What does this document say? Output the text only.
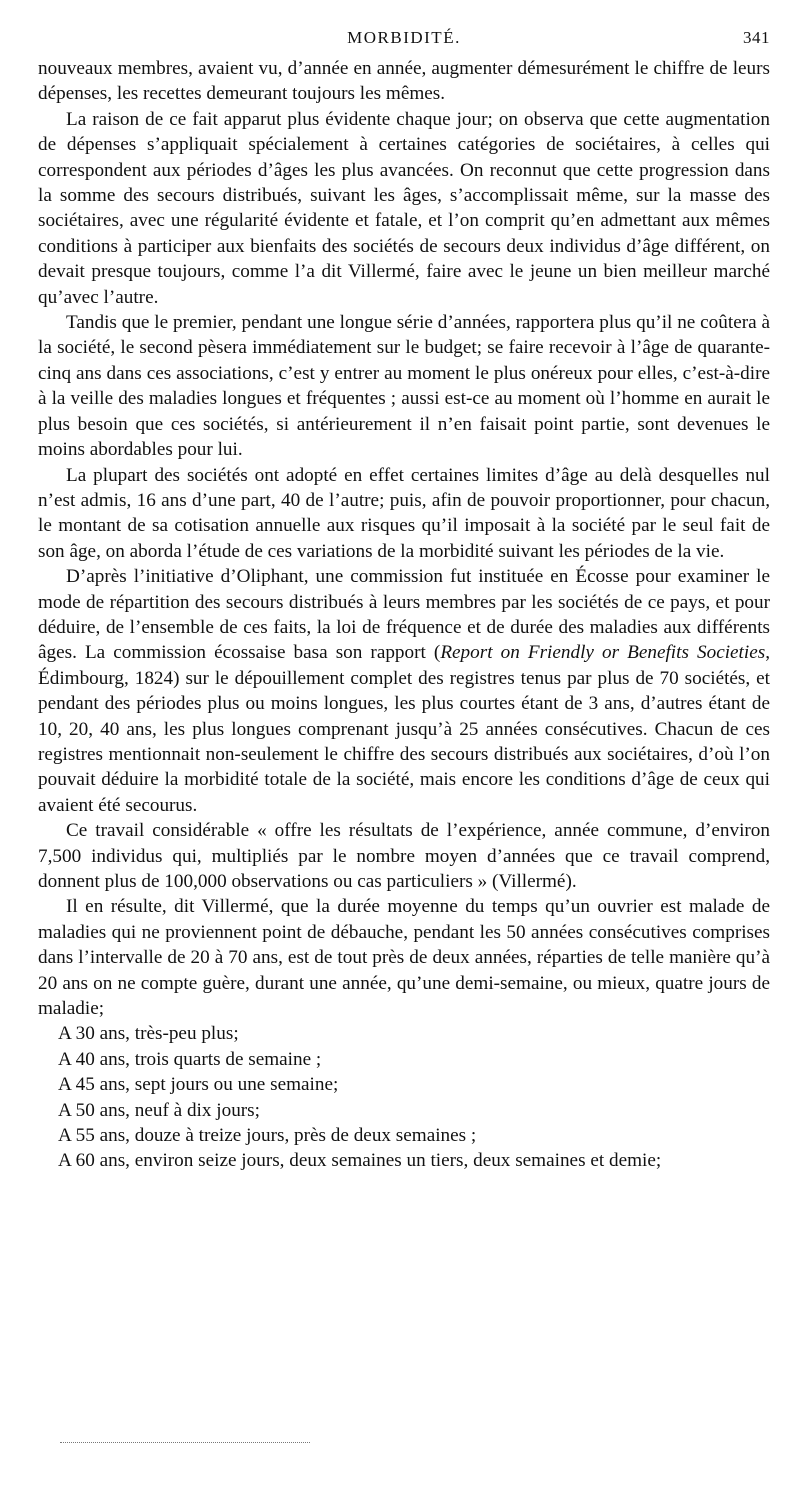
MORBIDITÉ.	341

nouveaux membres, avaient vu, d’année en année, augmenter démesurément le chiffre de leurs dépenses, les recettes demeurant toujours les mêmes.

La raison de ce fait apparut plus évidente chaque jour; on observa que cette augmentation de dépenses s’appliquait spécialement à certaines catégories de sociétaires, à celles qui correspondent aux périodes d’âges les plus avancées. On reconnut que cette progression dans la somme des secours distribués, suivant les âges, s’accomplissait même, sur la masse des sociétaires, avec une régularité évidente et fatale, et l’on comprit qu’en admettant aux mêmes conditions à participer aux bienfaits des sociétés de secours deux individus d’âge différent, on devait presque toujours, comme l’a dit Villermé, faire avec le jeune un bien meilleur marché qu’avec l’autre.

Tandis que le premier, pendant une longue série d’années, rapportera plus qu’il ne coûtera à la société, le second pèsera immédiatement sur le budget; se faire recevoir à l’âge de quarante-cinq ans dans ces associations, c’est y entrer au moment le plus onéreux pour elles, c’est-à-dire à la veille des maladies longues et fréquentes ; aussi est-ce au moment où l’homme en aurait le plus besoin que ces sociétés, si antérieurement il n’en faisait point partie, sont devenues le moins abordables pour lui.

La plupart des sociétés ont adopté en effet certaines limites d’âge au delà desquelles nul n’est admis, 16 ans d’une part, 40 de l’autre; puis, afin de pouvoir proportionner, pour chacun, le montant de sa cotisation annuelle aux risques qu’il imposait à la société par le seul fait de son âge, on aborda l’étude de ces variations de la morbidité suivant les périodes de la vie.

D’après l’initiative d’Oliphant, une commission fut instituée en Écosse pour examiner le mode de répartition des secours distribués à leurs membres par les sociétés de ce pays, et pour déduire, de l’ensemble de ces faits, la loi de fréquence et de durée des maladies aux différents âges. La commission écossaise basa son rapport (Report on Friendly or Benefits Societies, Édimbourg, 1824) sur le dépouillement complet des registres tenus par plus de 70 sociétés, et pendant des périodes plus ou moins longues, les plus courtes étant de 3 ans, d’autres étant de 10, 20, 40 ans, les plus longues comprenant jusqu’à 25 années consécutives. Chacun de ces registres mentionnait non-seulement le chiffre des secours distribués aux sociétaires, d’où l’on pouvait déduire la morbidité totale de la société, mais encore les conditions d’âge de ceux qui avaient été secourus.

Ce travail considérable « offre les résultats de l’expérience, année commune, d’environ 7,500 individus qui, multipliés par le nombre moyen d’années que ce travail comprend, donnent plus de 100,000 observations ou cas particuliers » (Villermé).

Il en résulte, dit Villermé, que la durée moyenne du temps qu’un ouvrier est malade de maladies qui ne proviennent point de débauche, pendant les 50 années consécutives comprises dans l’intervalle de 20 à 70 ans, est de tout près de deux années, réparties de telle manière qu’à 20 ans on ne compte guère, durant une année, qu’une demi-semaine, ou mieux, quatre jours de maladie;

A 30 ans, très-peu plus;
A 40 ans, trois quarts de semaine ;
A 45 ans, sept jours ou une semaine;
A 50 ans, neuf à dix jours;
A 55 ans, douze à treize jours, près de deux semaines ;
A 60 ans, environ seize jours, deux semaines un tiers, deux semaines et demie;
